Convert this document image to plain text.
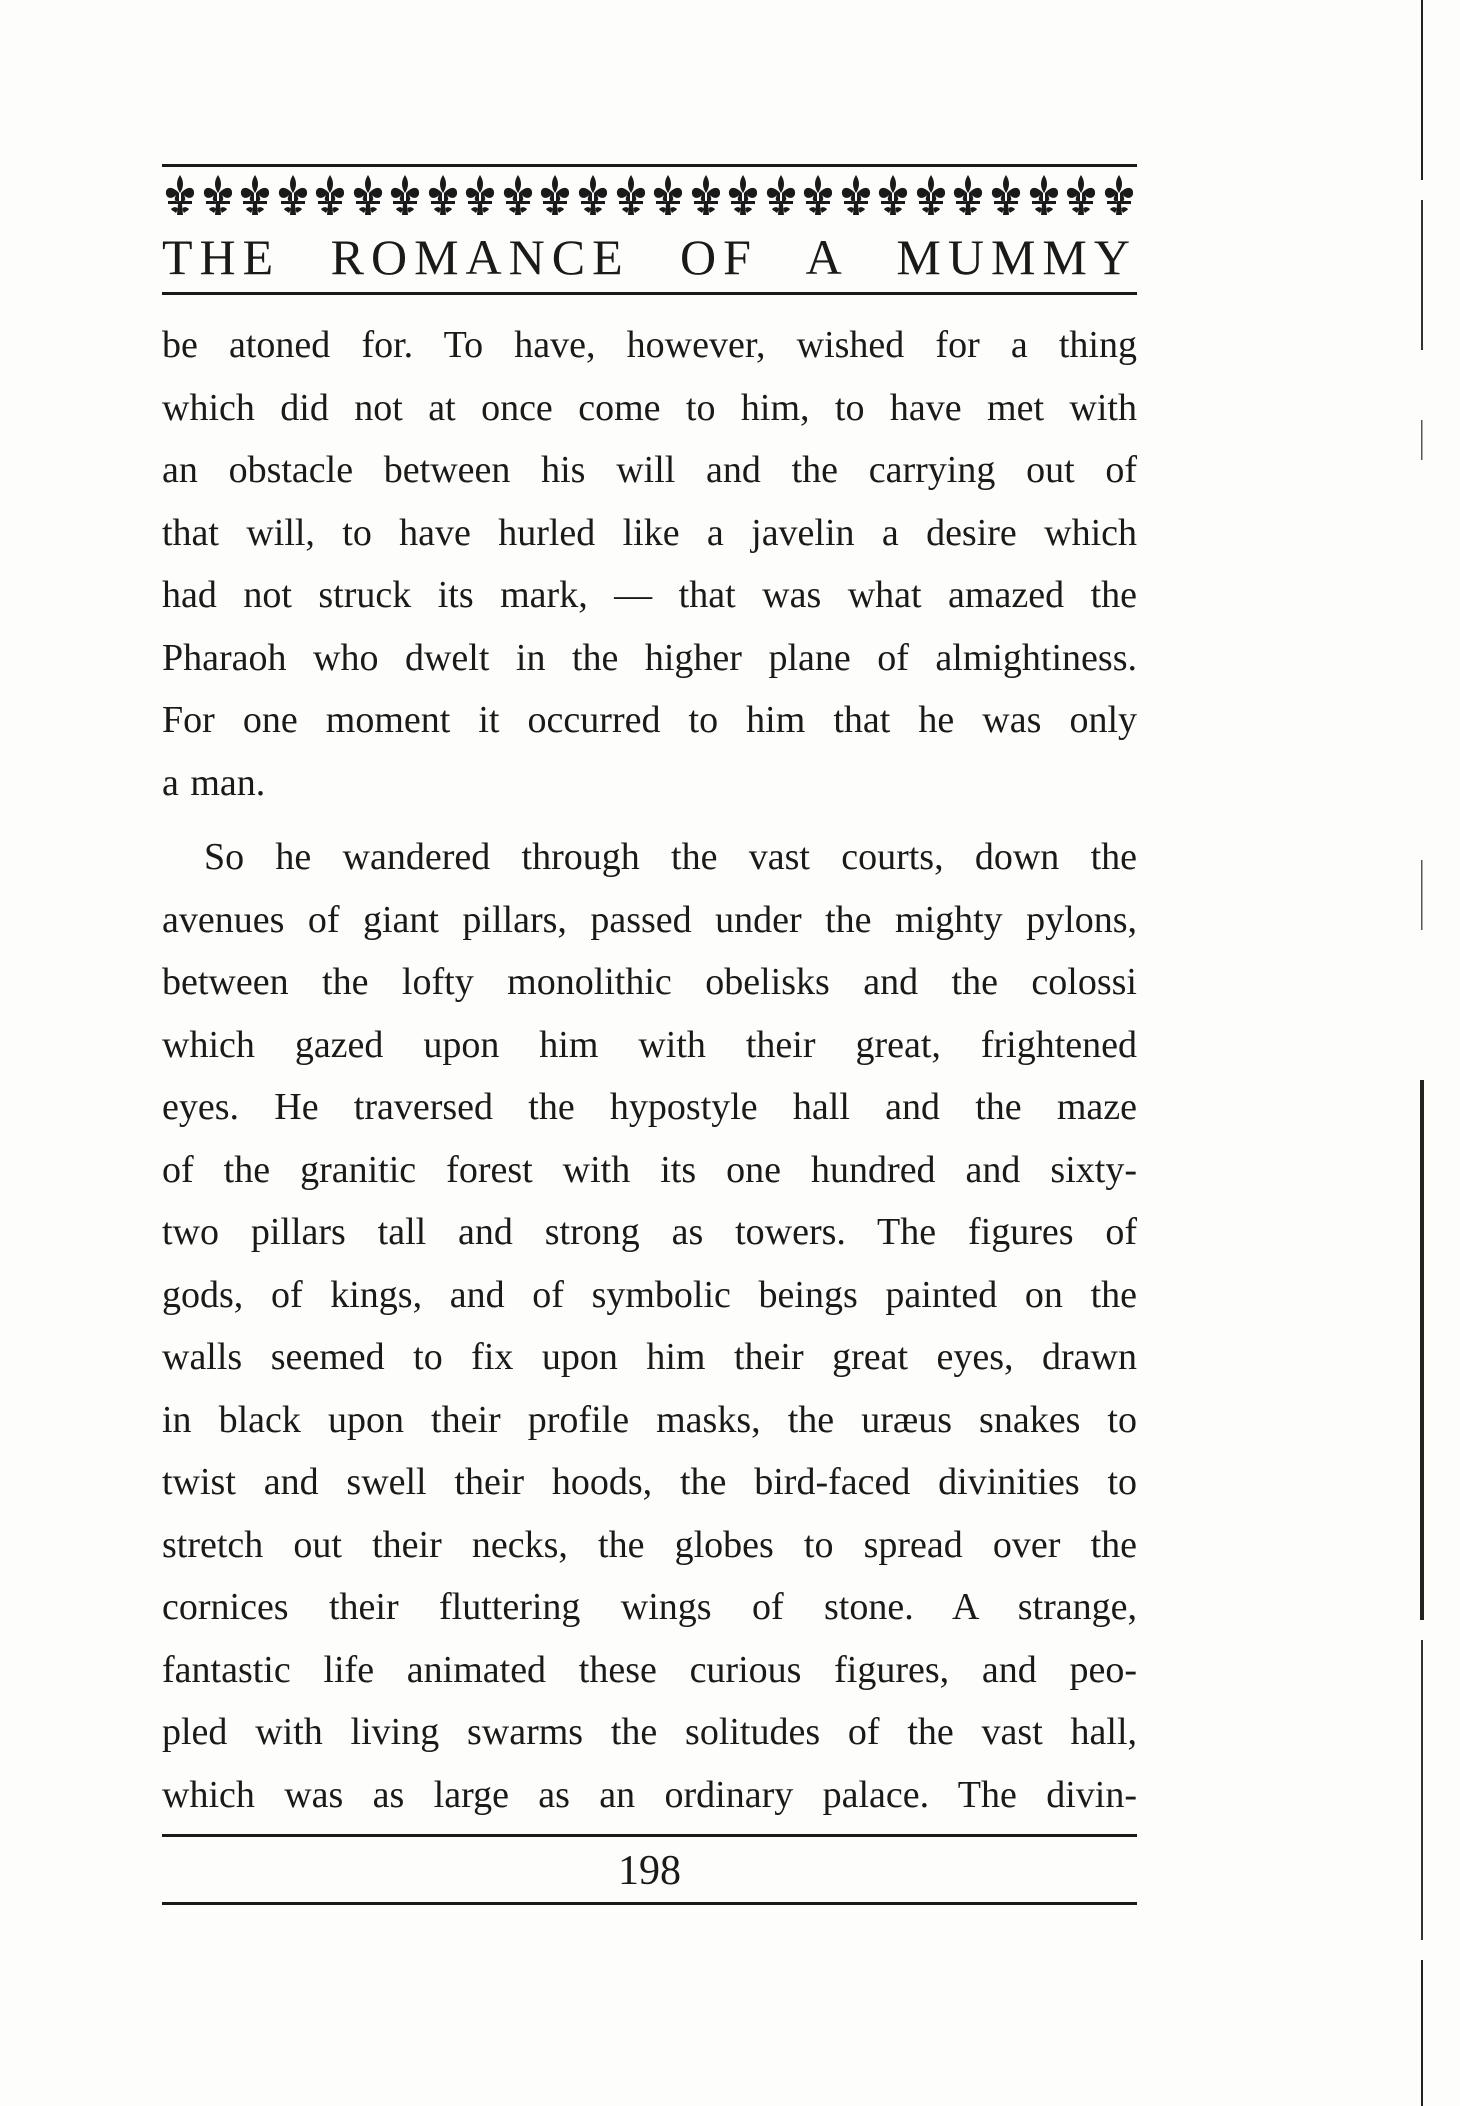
THE ROMANCE OF A MUMMY
be atoned for. To have, however, wished for a thing
which did not at once come to him, to have met with
an obstacle between his will and the carrying out of
that will, to have hurled like a javelin a desire which
had not struck its mark, — that was what amazed the
Pharaoh who dwelt in the higher plane of almightiness.
For one moment it occurred to him that he was only
a man.
So he wandered through the vast courts, down the
avenues of giant pillars, passed under the mighty pylons,
between the lofty monolithic obelisks and the colossi
which gazed upon him with their great, frightened
eyes. He traversed the hypostyle hall and the maze
of the granitic forest with its one hundred and sixty-
two pillars tall and strong as towers. The figures of
gods, of kings, and of symbolic beings painted on the
walls seemed to fix upon him their great eyes, drawn
in black upon their profile masks, the uræus snakes to
twist and swell their hoods, the bird-faced divinities to
stretch out their necks, the globes to spread over the
cornices their fluttering wings of stone. A strange,
fantastic life animated these curious figures, and peo-
pled with living swarms the solitudes of the vast hall,
which was as large as an ordinary palace. The divin-
198
